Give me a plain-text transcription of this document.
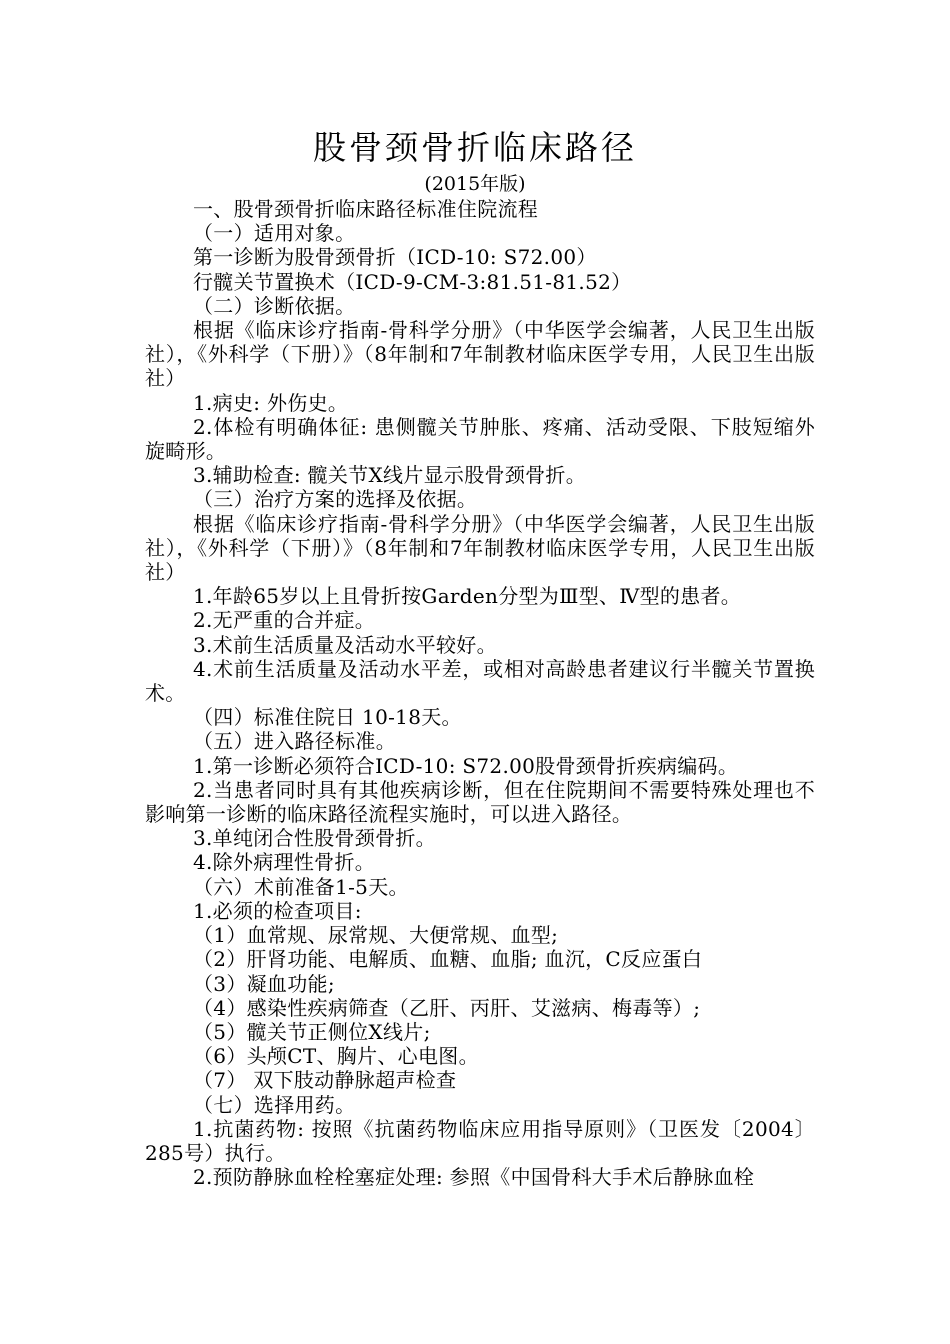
股骨颈骨折临床路径
(2015年版)

一、股骨颈骨折临床路径标准住院流程

（一）适用对象。

第一诊断为股骨颈骨折（ICD-10: S72.00）

行髋关节置换术（ICD-9-CM-3:81.51-81.52）

（二）诊断依据。

根据《临床诊疗指南-骨科学分册》（中华医学会编著，人民卫生出版社），《外科学（下册）》（8年制和7年制教材临床医学专用，人民卫生出版社）

1.病史: 外伤史。

2.体检有明确体征: 患侧髋关节肿胀、疼痛、活动受限、下肢短缩外旋畸形。

3.辅助检查: 髋关节X线片显示股骨颈骨折。

（三）治疗方案的选择及依据。

根据《临床诊疗指南-骨科学分册》（中华医学会编著，人民卫生出版社），《外科学（下册）》（8年制和7年制教材临床医学专用，人民卫生出版社）

1.年龄65岁以上且骨折按Garden分型为Ⅲ型、Ⅳ型的患者。

2.无严重的合并症。

3.术前生活质量及活动水平较好。

4.术前生活质量及活动水平差，或相对高龄患者建议行半髋关节置换术。

（四）标准住院日 10-18天。

（五）进入路径标准。

1.第一诊断必须符合ICD-10: S72.00股骨颈骨折疾病编码。

2.当患者同时具有其他疾病诊断，但在住院期间不需要特殊处理也不影响第一诊断的临床路径流程实施时，可以进入路径。

3.单纯闭合性股骨颈骨折。

4.除外病理性骨折。

（六）术前准备1-5天。

1.必须的检查项目:

（1）血常规、尿常规、大便常规、血型;

（2）肝肾功能、电解质、血糖、血脂; 血沉，C反应蛋白

（3）凝血功能;

（4）感染性疾病筛查（乙肝、丙肝、艾滋病、梅毒等）;

（5）髋关节正侧位X线片;

（6）头颅CT、胸片、心电图。

（7） 双下肢动静脉超声检查

（七）选择用药。

1.抗菌药物: 按照《抗菌药物临床应用指导原则》（卫医发〔2004〕285号）执行。

2.预防静脉血栓栓塞症处理: 参照《中国骨科大手术后静脉血栓
